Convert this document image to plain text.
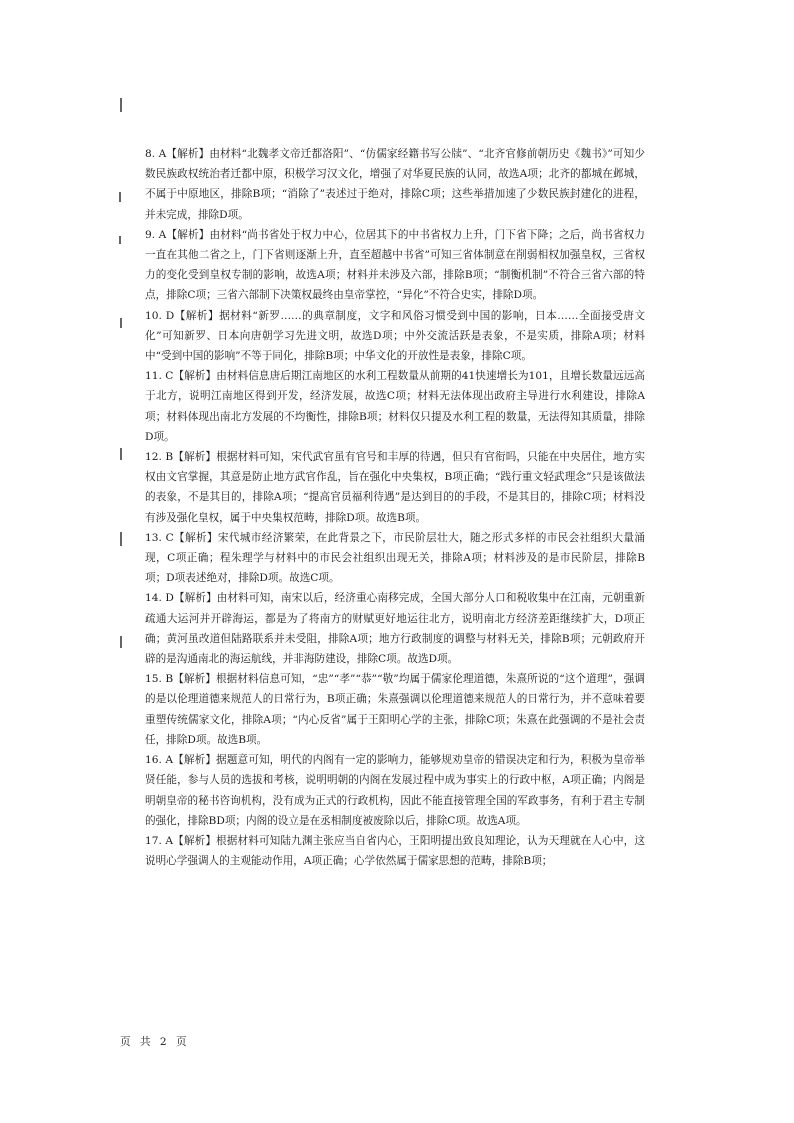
8. A【解析】由材料“北魏孝文帝迁都洛阳”、“仿儒家经籍书写公牍”、“北齐官修前朝历史《魏书》”可知少数民族政权统治者迁都中原，积极学习汉文化，增强了对华夏民族的认同，故选A项；北齐的都城在邺城，不属于中原地区，排除B项；“消除了”表述过于绝对，排除C项；这些举措加速了少数民族封建化的进程，并未完成，排除D项。

9. A【解析】由材料“尚书省处于权力中心，位居其下的中书省权力上升，门下省下降；之后，尚书省权力一直在其他二省之上，门下省则逐渐上升，直至超越中书省”可知三省体制意在削弱相权加强皇权，三省权力的变化受到皇权专制的影响，故选A项；材料并未涉及六部，排除B项；“制衡机制”不符合三省六部的特点，排除C项；三省六部制下决策权最终由皇帝掌控，“异化”不符合史实，排除D项。

10. D【解析】据材料“新罗……的典章制度，文字和风俗习惯受到中国的影响，日本……全面接受唐文化”可知新罗、日本向唐朝学习先进文明，故选D项；中外交流活跃是表象，不是实质，排除A项；材料中“受到中国的影响”不等于同化，排除B项；中华文化的开放性是表象，排除C项。

11. C【解析】由材料信息唐后期江南地区的水利工程数量从前期的41快速增长为101，且增长数量远远高于北方，说明江南地区得到开发，经济发展，故选C项；材料无法体现出政府主导进行水利建设，排除A项；材料体现出南北方发展的不均衡性，排除B项；材料仅只提及水利工程的数量，无法得知其质量，排除D项。

12. B【解析】根据材料可知，宋代武官虽有官号和丰厚的待遇，但只有官衔吗，只能在中央居住，地方实权由文官掌握，其意是防止地方武官作乱，旨在强化中央集权，B项正确；“践行重文轻武理念”只是该做法的表象，不是其目的，排除A项；“提高官员福利待遇”是达到目的的手段，不是其目的，排除C项；材料没有涉及强化皇权，属于中央集权范畴，排除D项。故选B项。

13. C【解析】宋代城市经济繁荣，在此背景之下，市民阶层壮大，随之形式多样的市民会社组织大量涌现，C项正确；程朱理学与材料中的市民会社组织出现无关，排除A项；材料涉及的是市民阶层，排除B项；D项表述绝对，排除D项。故选C项。

14. D【解析】由材料可知，南宋以后，经济重心南移完成，全国大部分人口和税收集中在江南，元朝重新疏通大运河并开辟海运，都是为了将南方的财赋更好地运往北方，说明南北方经济差距继续扩大，D项正确；黄河虽改道但陆路联系并未受阻，排除A项；地方行政制度的调整与材料无关，排除B项；元朝政府开辟的是沟通南北的海运航线，并非海防建设，排除C项。故选D项。

15. B【解析】根据材料信息可知，“忠”“孝”“恭”“敬”均属于儒家伦理道德，朱熹所说的“这个道理”，强调的是以伦理道德来规范人的日常行为，B项正确；朱熹强调以伦理道德来规范人的日常行为，并不意味着要重塑传统儒家文化，排除A项；“内心反省”属于王阳明心学的主张，排除C项；朱熹在此强调的不是社会责任，排除D项。故选B项。

16. A【解析】据题意可知，明代的内阁有一定的影响力，能够规劝皇帝的错误决定和行为，积极为皇帝举贤任能，参与人员的选拔和考核，说明明朝的内阁在发展过程中成为事实上的行政中枢，A项正确；内阁是明朝皇帝的秘书咨询机构，没有成为正式的行政机构，因此不能直接管理全国的军政事务，有利于君主专制的强化，排除BD项；内阁的设立是在丞相制度被废除以后，排除C项。故选A项。

17. A【解析】根据材料可知陆九渊主张应当自省内心，王阳明提出致良知理论，认为天理就在人心中，这说明心学强调人的主观能动作用，A项正确；心学依然属于儒家思想的范畴，排除B项；

页 共 2 页
